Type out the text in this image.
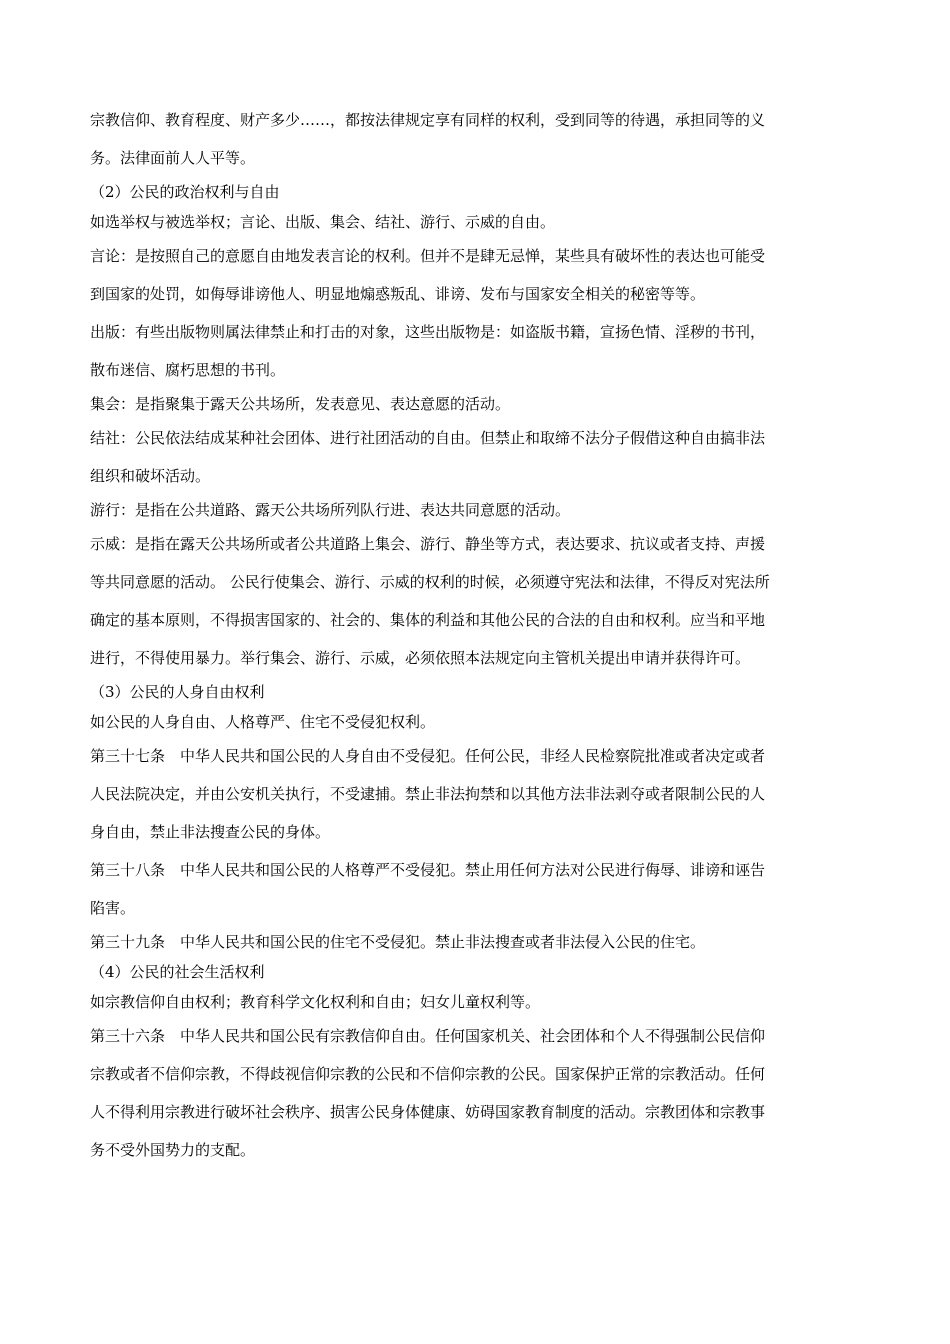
宗教信仰、教育程度、财产多少……，都按法律规定享有同样的权利，受到同等的待遇，承担同等的义

务。法律面前人人平等。

（2）公民的政治权利与自由

如选举权与被选举权；言论、出版、集会、结社、游行、示威的自由。

言论：是按照自己的意愿自由地发表言论的权利。但并不是肆无忌惮，某些具有破坏性的表达也可能受

到国家的处罚，如侮辱诽谤他人、明显地煽惑叛乱、诽谤、发布与国家安全相关的秘密等等。

出版：有些出版物则属法律禁止和打击的对象，这些出版物是：如盗版书籍，宣扬色情、淫秽的书刊，

散布迷信、腐朽思想的书刊。

集会：是指聚集于露天公共场所，发表意见、表达意愿的活动。

结社：公民依法结成某种社会团体、进行社团活动的自由。但禁止和取缔不法分子假借这种自由搞非法

组织和破坏活动。

游行：是指在公共道路、露天公共场所列队行进、表达共同意愿的活动。

示威：是指在露天公共场所或者公共道路上集会、游行、静坐等方式，表达要求、抗议或者支持、声援

等共同意愿的活动。 公民行使集会、游行、示威的权利的时候，必须遵守宪法和法律，不得反对宪法所

确定的基本原则，不得损害国家的、社会的、集体的利益和其他公民的合法的自由和权利。应当和平地

进行，不得使用暴力。举行集会、游行、示威，必须依照本法规定向主管机关提出申请并获得许可。

（3）公民的人身自由权利

如公民的人身自由、人格尊严、住宅不受侵犯权利。

第三十七条　中华人民共和国公民的人身自由不受侵犯。任何公民，非经人民检察院批准或者决定或者

人民法院决定，并由公安机关执行，不受逮捕。禁止非法拘禁和以其他方法非法剥夺或者限制公民的人

身自由，禁止非法搜查公民的身体。

第三十八条　中华人民共和国公民的人格尊严不受侵犯。禁止用任何方法对公民进行侮辱、诽谤和诬告

陷害。

第三十九条　中华人民共和国公民的住宅不受侵犯。禁止非法搜查或者非法侵入公民的住宅。

（4）公民的社会生活权利

如宗教信仰自由权利；教育科学文化权利和自由；妇女儿童权利等。

第三十六条　中华人民共和国公民有宗教信仰自由。任何国家机关、社会团体和个人不得强制公民信仰

宗教或者不信仰宗教，不得歧视信仰宗教的公民和不信仰宗教的公民。国家保护正常的宗教活动。任何

人不得利用宗教进行破坏社会秩序、损害公民身体健康、妨碍国家教育制度的活动。宗教团体和宗教事

务不受外国势力的支配。
